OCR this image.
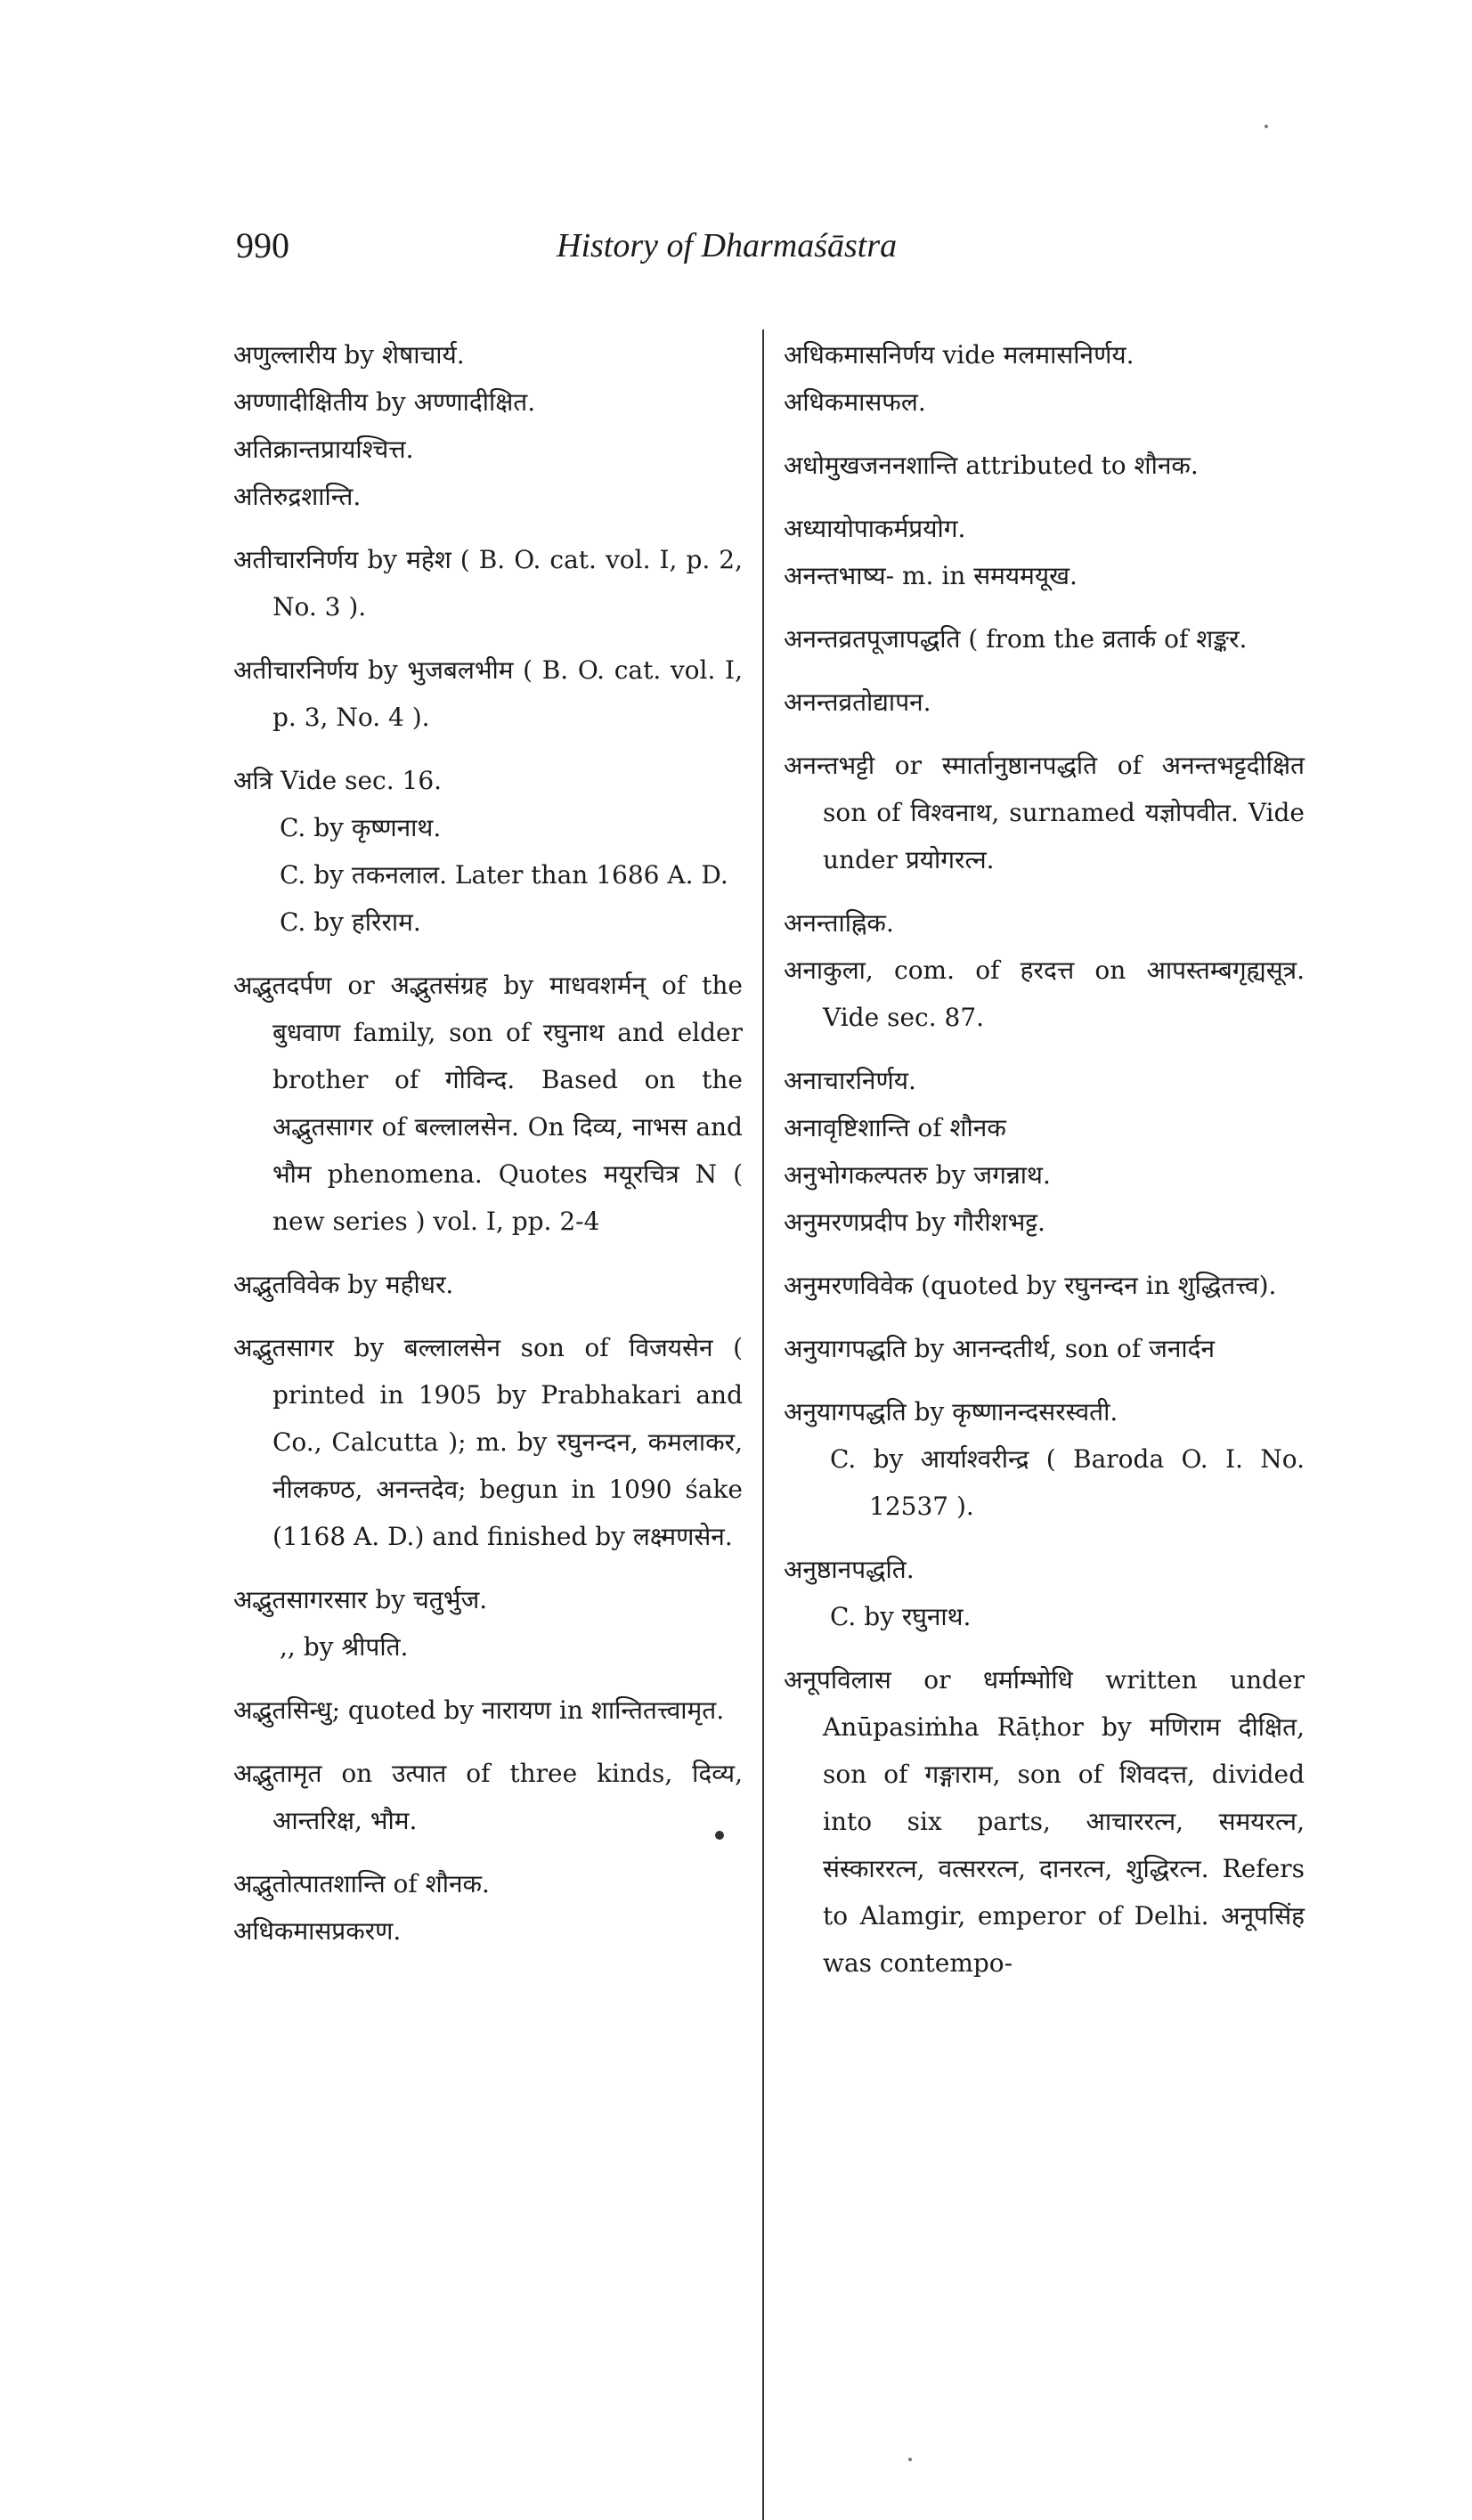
990	History of Dharmaśāstra

अणुल्लारीय by शेषाचार्य.

अण्णादीक्षितीय by अण्णादीक्षित.

अतिक्रान्तप्रायश्चित्त.

अतिरुद्रशान्ति.

अतीचारनिर्णय by महेश ( B. O. cat. vol. I, p. 2, No. 3 ).

अतीचारनिर्णय by भुजबलभीम ( B. O. cat. vol. I, p. 3, No. 4 ).

अत्रि Vide sec. 16.

C. by कृष्णनाथ.

C. by तकनलाल. Later than 1686 A. D.

C. by हरिराम.

अद्भुतदर्पण or अद्भुतसंग्रह by माधवशर्मन् of the बुधवाण family, son of रघुनाथ and elder brother of गोविन्द. Based on the अद्भुतसागर of बल्लालसेन. On दिव्य, नाभस and भौम phenomena. Quotes मयूरचित्र N ( new series ) vol. I, pp. 2-4

अद्भुतविवेक by महीधर.

अद्भुतसागर by बल्लालसेन son of विजयसेन ( printed in 1905 by Prabhakari and Co., Calcutta ); m. by रघुनन्दन, कमलाकर, नीलकण्ठ, अनन्तदेव; begun in 1090 śake (1168 A. D.) and finished by लक्ष्मणसेन.

अद्भुतसागरसार by चतुर्भुज.

,, by श्रीपति.

अद्भुतसिन्धु; quoted by नारायण in शान्तितत्त्वामृत.

अद्भुतामृत on उत्पात of three kinds, दिव्य, आन्तरिक्ष, भौम.

अद्भुतोत्पातशान्ति of शौनक.

अधिकमासप्रकरण.

अधिकमासनिर्णय vide मलमासनिर्णय.

अधिकमासफल.

अधोमुखजननशान्ति attributed to शौनक.

अध्यायोपाकर्मप्रयोग.

अनन्तभाष्य- m. in समयमयूख.

अनन्तव्रतपूजापद्धति ( from the व्रतार्क of शङ्कर.

अनन्तव्रतोद्यापन.

अनन्तभट्टी or स्मार्तानुष्ठानपद्धति of अनन्तभट्टदीक्षित son of विश्वनाथ, surnamed यज्ञोपवीत. Vide under प्रयोगरत्न.

अनन्ताह्निक.

अनाकुला, com. of हरदत्त on आपस्तम्बगृह्यसूत्र. Vide sec. 87.

अनाचारनिर्णय.

अनावृष्टिशान्ति of शौनक

अनुभोगकल्पतरु by जगन्नाथ.

अनुमरणप्रदीप by गौरीशभट्ट.

अनुमरणविवेक (quoted by रघुनन्दन in शुद्धितत्त्व).

अनुयागपद्धति by आनन्दतीर्थ, son of जनार्दन

अनुयागपद्धति by कृष्णानन्दसरस्वती.

C. by आर्याश्वरीन्द्र ( Baroda O. I. No. 12537 ).

अनुष्ठानपद्धति.

C. by रघुनाथ.

अनूपविलास or धर्माम्भोधि written under Anūpasiṁha Rāṭhor by मणिराम दीक्षित, son of गङ्गाराम, son of शिवदत्त, divided into six parts, आचाररत्न, समयरत्न, संस्काररत्न, वत्सररत्न, दानरत्न, शुद्धिरत्न. Refers to Alamgir, emperor of Delhi. अनूपसिंह was contempo-
